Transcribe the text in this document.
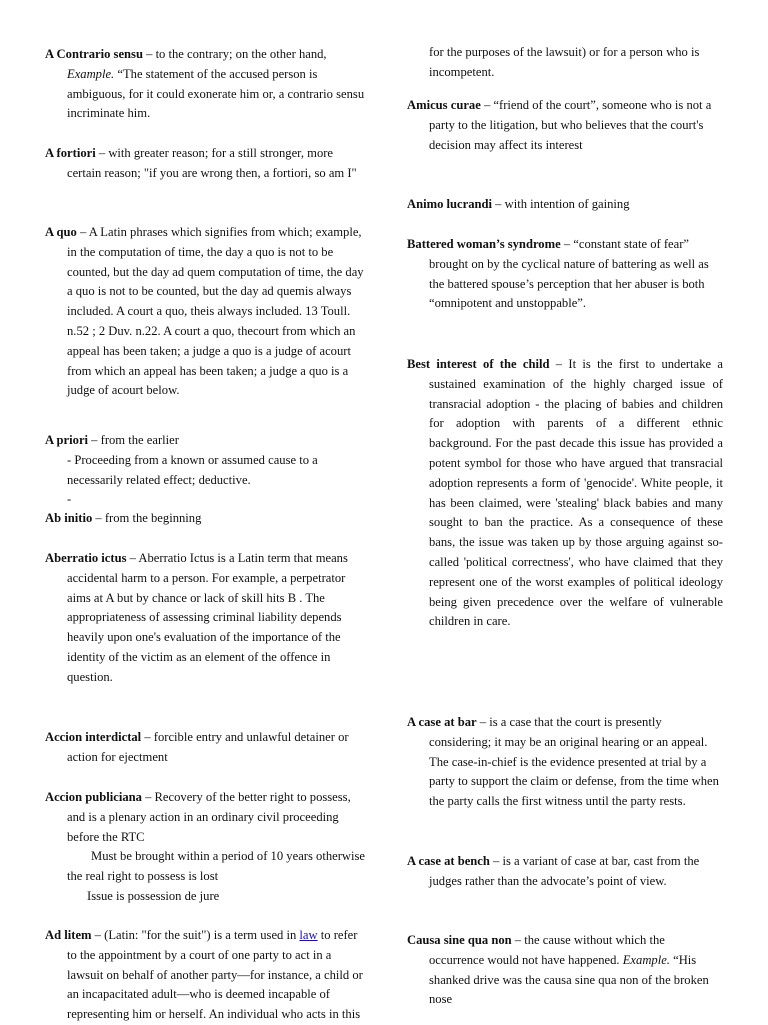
A Contrario sensu – to the contrary; on the other hand, Example. “The statement of the accused person is ambiguous, for it could exonerate him or, a contrario sensu incriminate him.

A fortiori – with greater reason; for a still stronger, more certain reason; "if you are wrong then, a fortiori, so am I"

A quo – A Latin phrases which signifies from which; example, in the computation of time, the day a quo is not to be counted, but the day ad quem computation of time, the day a quo is not to be counted, but the day ad quemis always included. A court a quo, theis always included. 13 Toull. n.52 ; 2 Duv. n.22. A court a quo, thecourt from which an appeal has been taken; a judge a quo is a judge of acourt from which an appeal has been taken; a judge a quo is a judge of acourt below.

A priori – from the earlier

- Proceeding from a known or assumed cause to a necessarily related effect; deductive.
-

Ab initio – from the beginning

Aberratio ictus – Aberratio Ictus is a Latin term that means accidental harm to a person. For example, a perpetrator aims at A but by chance or lack of skill hits B . The appropriateness of assessing criminal liability depends heavily upon one's evaluation of the importance of the identity of the victim as an element of the offence in question.

Accion interdictal – forcible entry and unlawful detainer or action for ejectment

Accion publiciana – Recovery of the better right to possess, and is a plenary action in an ordinary civil proceeding before the RTC

Must be brought within a period of 10 years otherwise the real right to possess is lost

Issue is possession de jure

Ad litem – (Latin: "for the suit") is a term used in law to refer to the appointment by a court of one party to act in a lawsuit on behalf of another party—for instance, a child or an incapacitated adult—who is deemed incapable of representing him or herself. An individual who acts in this

for the purposes of the lawsuit) or for a person who is incompetent.

Amicus curae – “friend of the court”, someone who is not a party to the litigation, but who believes that the court's decision may affect its interest

Animo lucrandi – with intention of gaining

Battered woman’s syndrome – “constant state of fear” brought on by the cyclical nature of battering as well as the battered spouse’s perception that her abuser is both “omnipotent and unstoppable”.

Best interest of the child – It is the first to undertake a sustained examination of the highly charged issue of transracial adoption - the placing of babies and children for adoption with parents of a different ethnic background. For the past decade this issue has provided a potent symbol for those who have argued that transracial adoption represents a form of 'genocide'. White people, it has been claimed, were 'stealing' black babies and many sought to ban the practice. As a consequence of these bans, the issue was taken up by those arguing against so-called 'political correctness', who have claimed that they represent one of the worst examples of political ideology being given precedence over the welfare of vulnerable children in care.

A case at bar – is a case that the court is presently considering; it may be an original hearing or an appeal. The case-in-chief is the evidence presented at trial by a party to support the claim or defense, from the time when the party calls the first witness until the party rests.

A case at bench – is a variant of case at bar, cast from the judges rather than the advocate’s point of view.

Causa sine qua non – the cause without which the occurrence would not have happened. Example. “His shanked drive was the causa sine qua non of the broken nose
